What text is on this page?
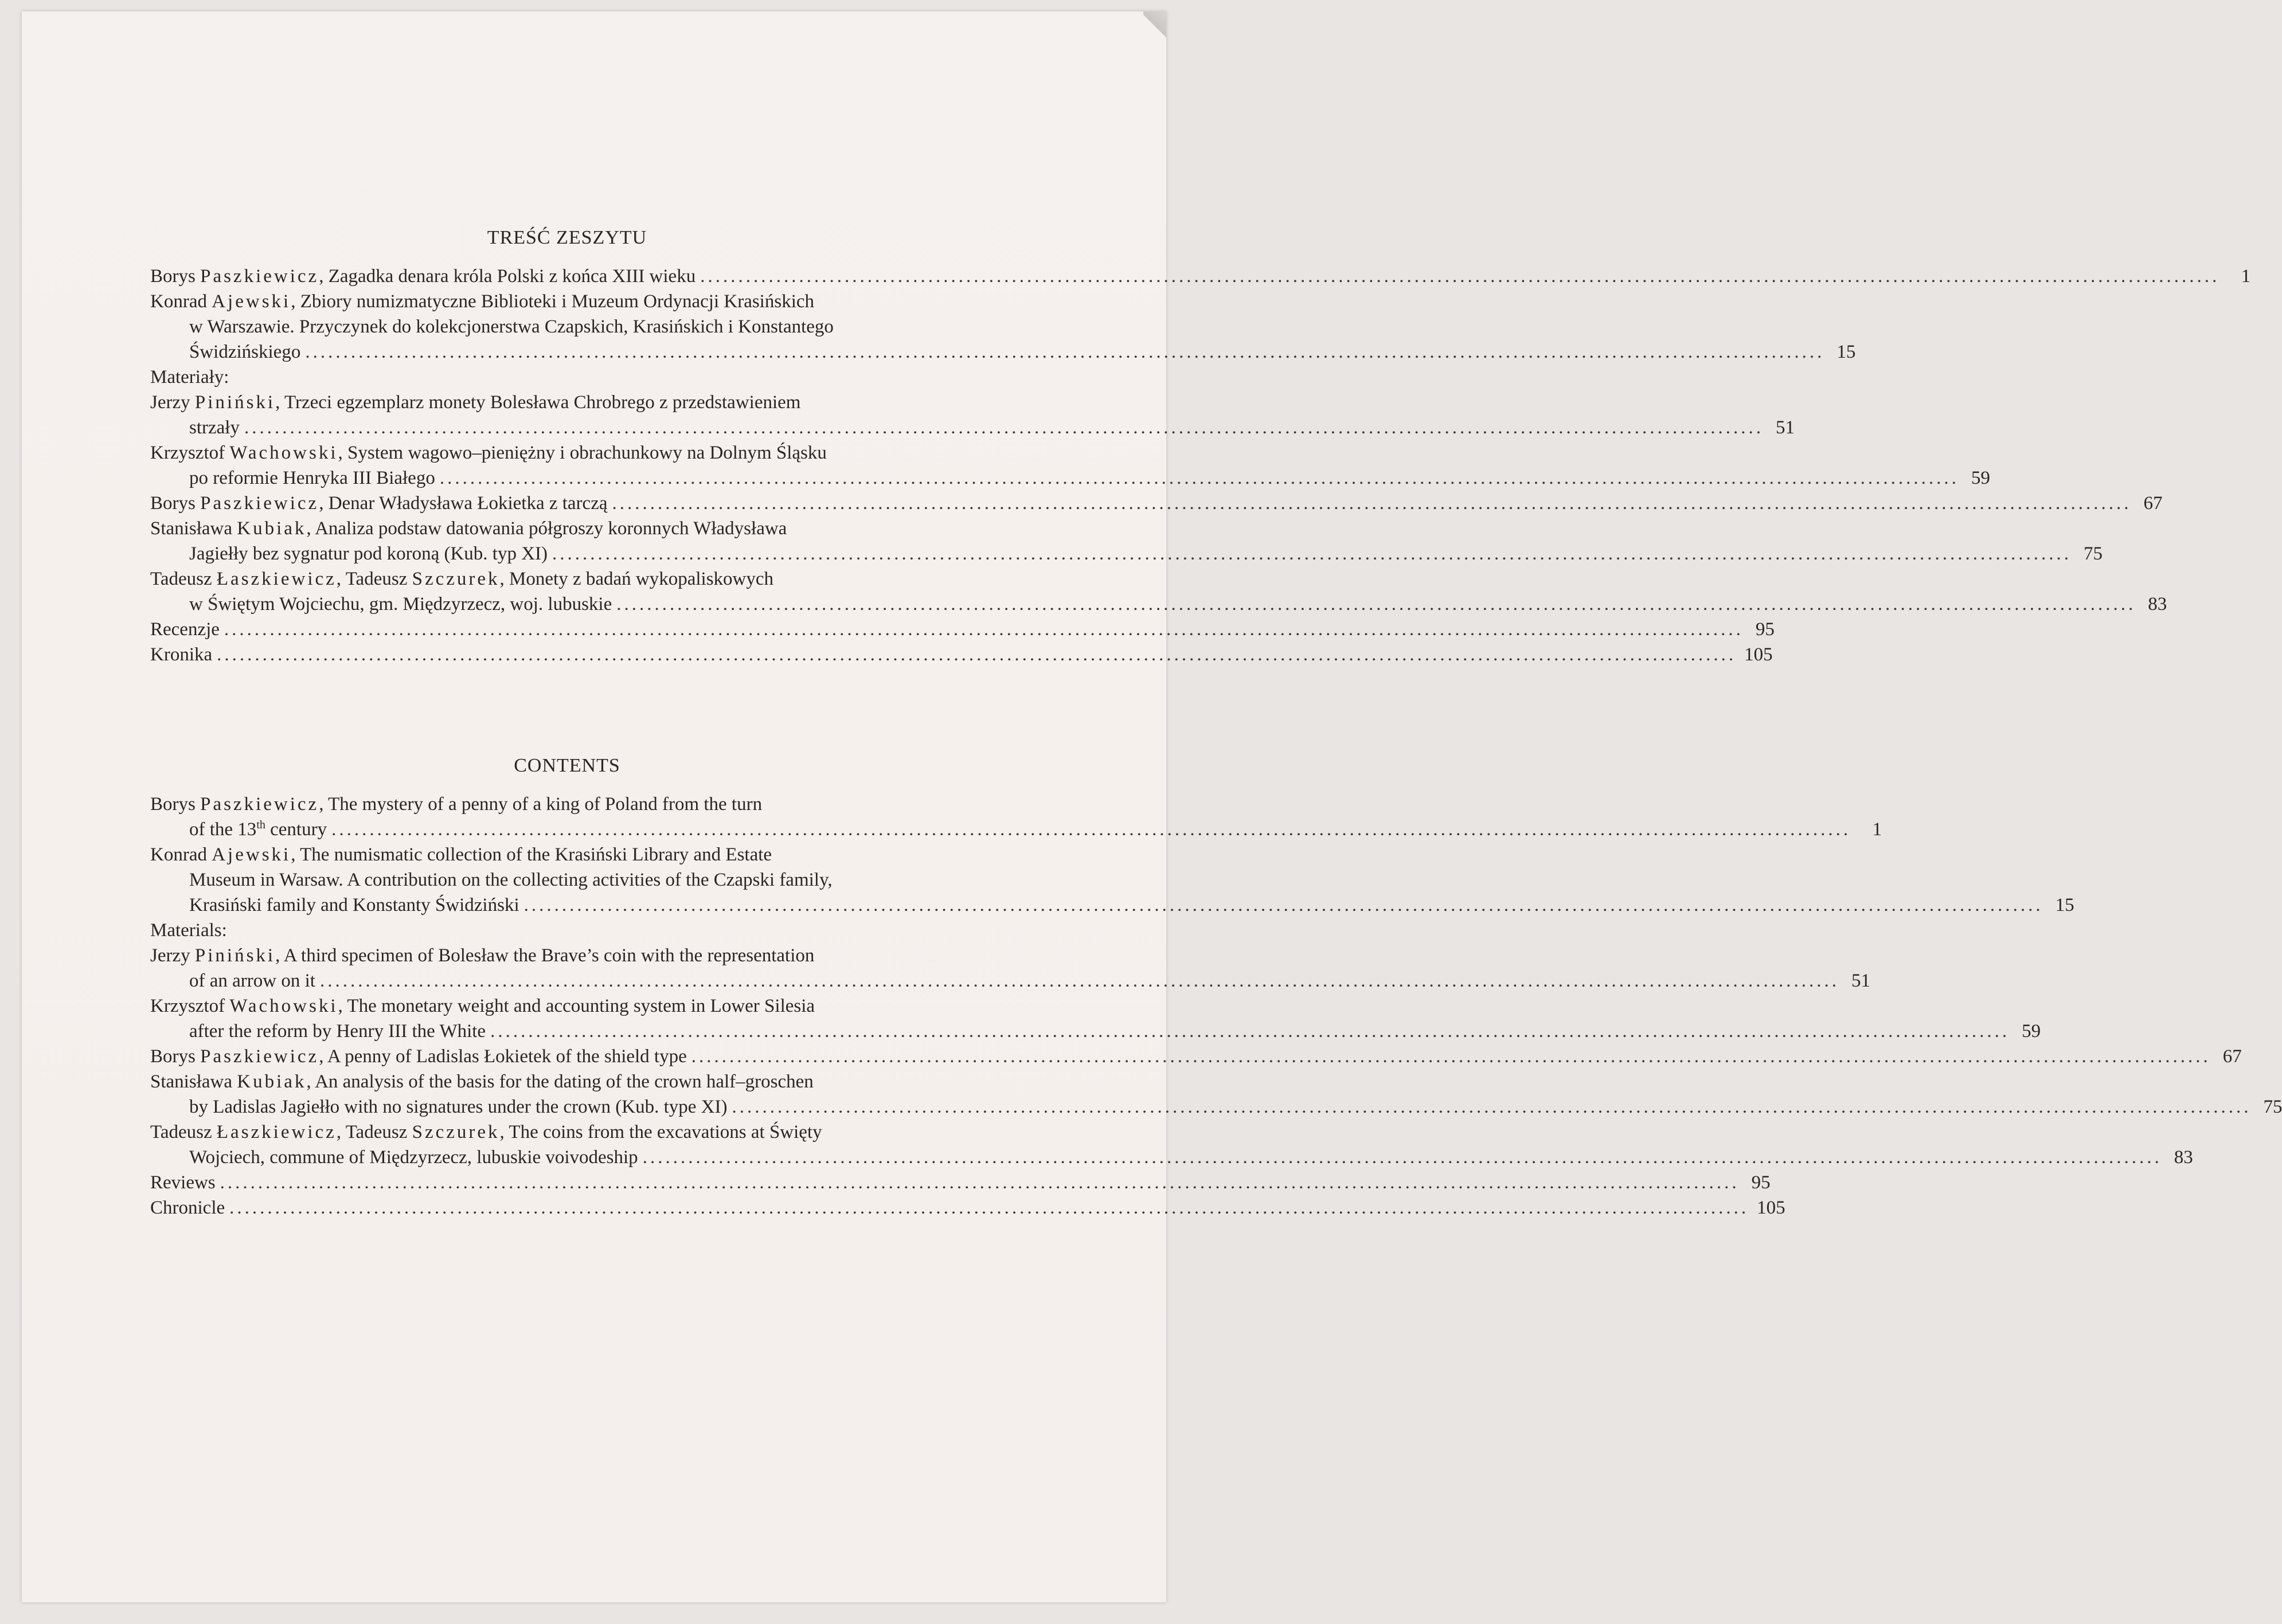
TREŚĆ ZESZYTU
Borys Paszkiewicz, Zagadka denara króla Polski z końca XIII wieku ........................................................................................................................................................................................................	1
Konrad Ajewski, Zbiory numizmatyczne Biblioteki i Muzeum Ordynacji Krasińskich
w Warszawie. Przyczynek do kolekcjonerstwa Czapskich, Krasińskich i Konstantego
Świdzińskiego ........................................................................................................................................................................................................ 15
Materiały:
Jerzy Piniński, Trzeci egzemplarz monety Bolesława Chrobrego z przedstawieniem
strzały ........................................................................................................................................................................................................ 51
Krzysztof Wachowski, System wagowo–pieniężny i obrachunkowy na Dolnym Śląsku
po reformie Henryka III Białego ........................................................................................................................................................................................................ 59
Borys Paszkiewicz, Denar Władysława Łokietka z tarczą ........................................................................................................................................................................................................ 67
Stanisława Kubiak, Analiza podstaw datowania półgroszy koronnych Władysława
Jagiełły bez sygnatur pod koroną (Kub. typ XI) ........................................................................................................................................................................................................ 75
Tadeusz Łaszkiewicz, Tadeusz Szczurek, Monety z badań wykopaliskowych
w Świętym Wojciechu, gm. Międzyrzecz, woj. lubuskie ........................................................................................................................................................................................................ 83
Recenzje ........................................................................................................................................................................................................ 95
Kronika ........................................................................................................................................................................................................ 105
CONTENTS
Borys Paszkiewicz, The mystery of a penny of a king of Poland from the turn
of the 13th century ........................................................................................................................................................................................................	1
Konrad Ajewski, The numismatic collection of the Krasiński Library and Estate
Museum in Warsaw. A contribution on the collecting activities of the Czapski family,
Krasiński family and Konstanty Świdziński ........................................................................................................................................................................................................ 15
Materials:
Jerzy Piniński, A third specimen of Bolesław the Brave’s coin with the representation
of an arrow on it ........................................................................................................................................................................................................ 51
Krzysztof Wachowski, The monetary weight and accounting system in Lower Silesia
after the reform by Henry III the White ........................................................................................................................................................................................................ 59
Borys Paszkiewicz, A penny of Ladislas Łokietek of the shield type ........................................................................................................................................................................................................ 67
Stanisława Kubiak, An analysis of the basis for the dating of the crown half–groschen
by Ladislas Jagiełło with no signatures under the crown (Kub. type XI) ........................................................................................................................................................................................................ 75
Tadeusz Łaszkiewicz, Tadeusz Szczurek, The coins from the excavations at Święty
Wojciech, commune of Międzyrzecz, lubuskie voivodeship ........................................................................................................................................................................................................ 83
Reviews ........................................................................................................................................................................................................ 95
Chronicle ........................................................................................................................................................................................................ 105
